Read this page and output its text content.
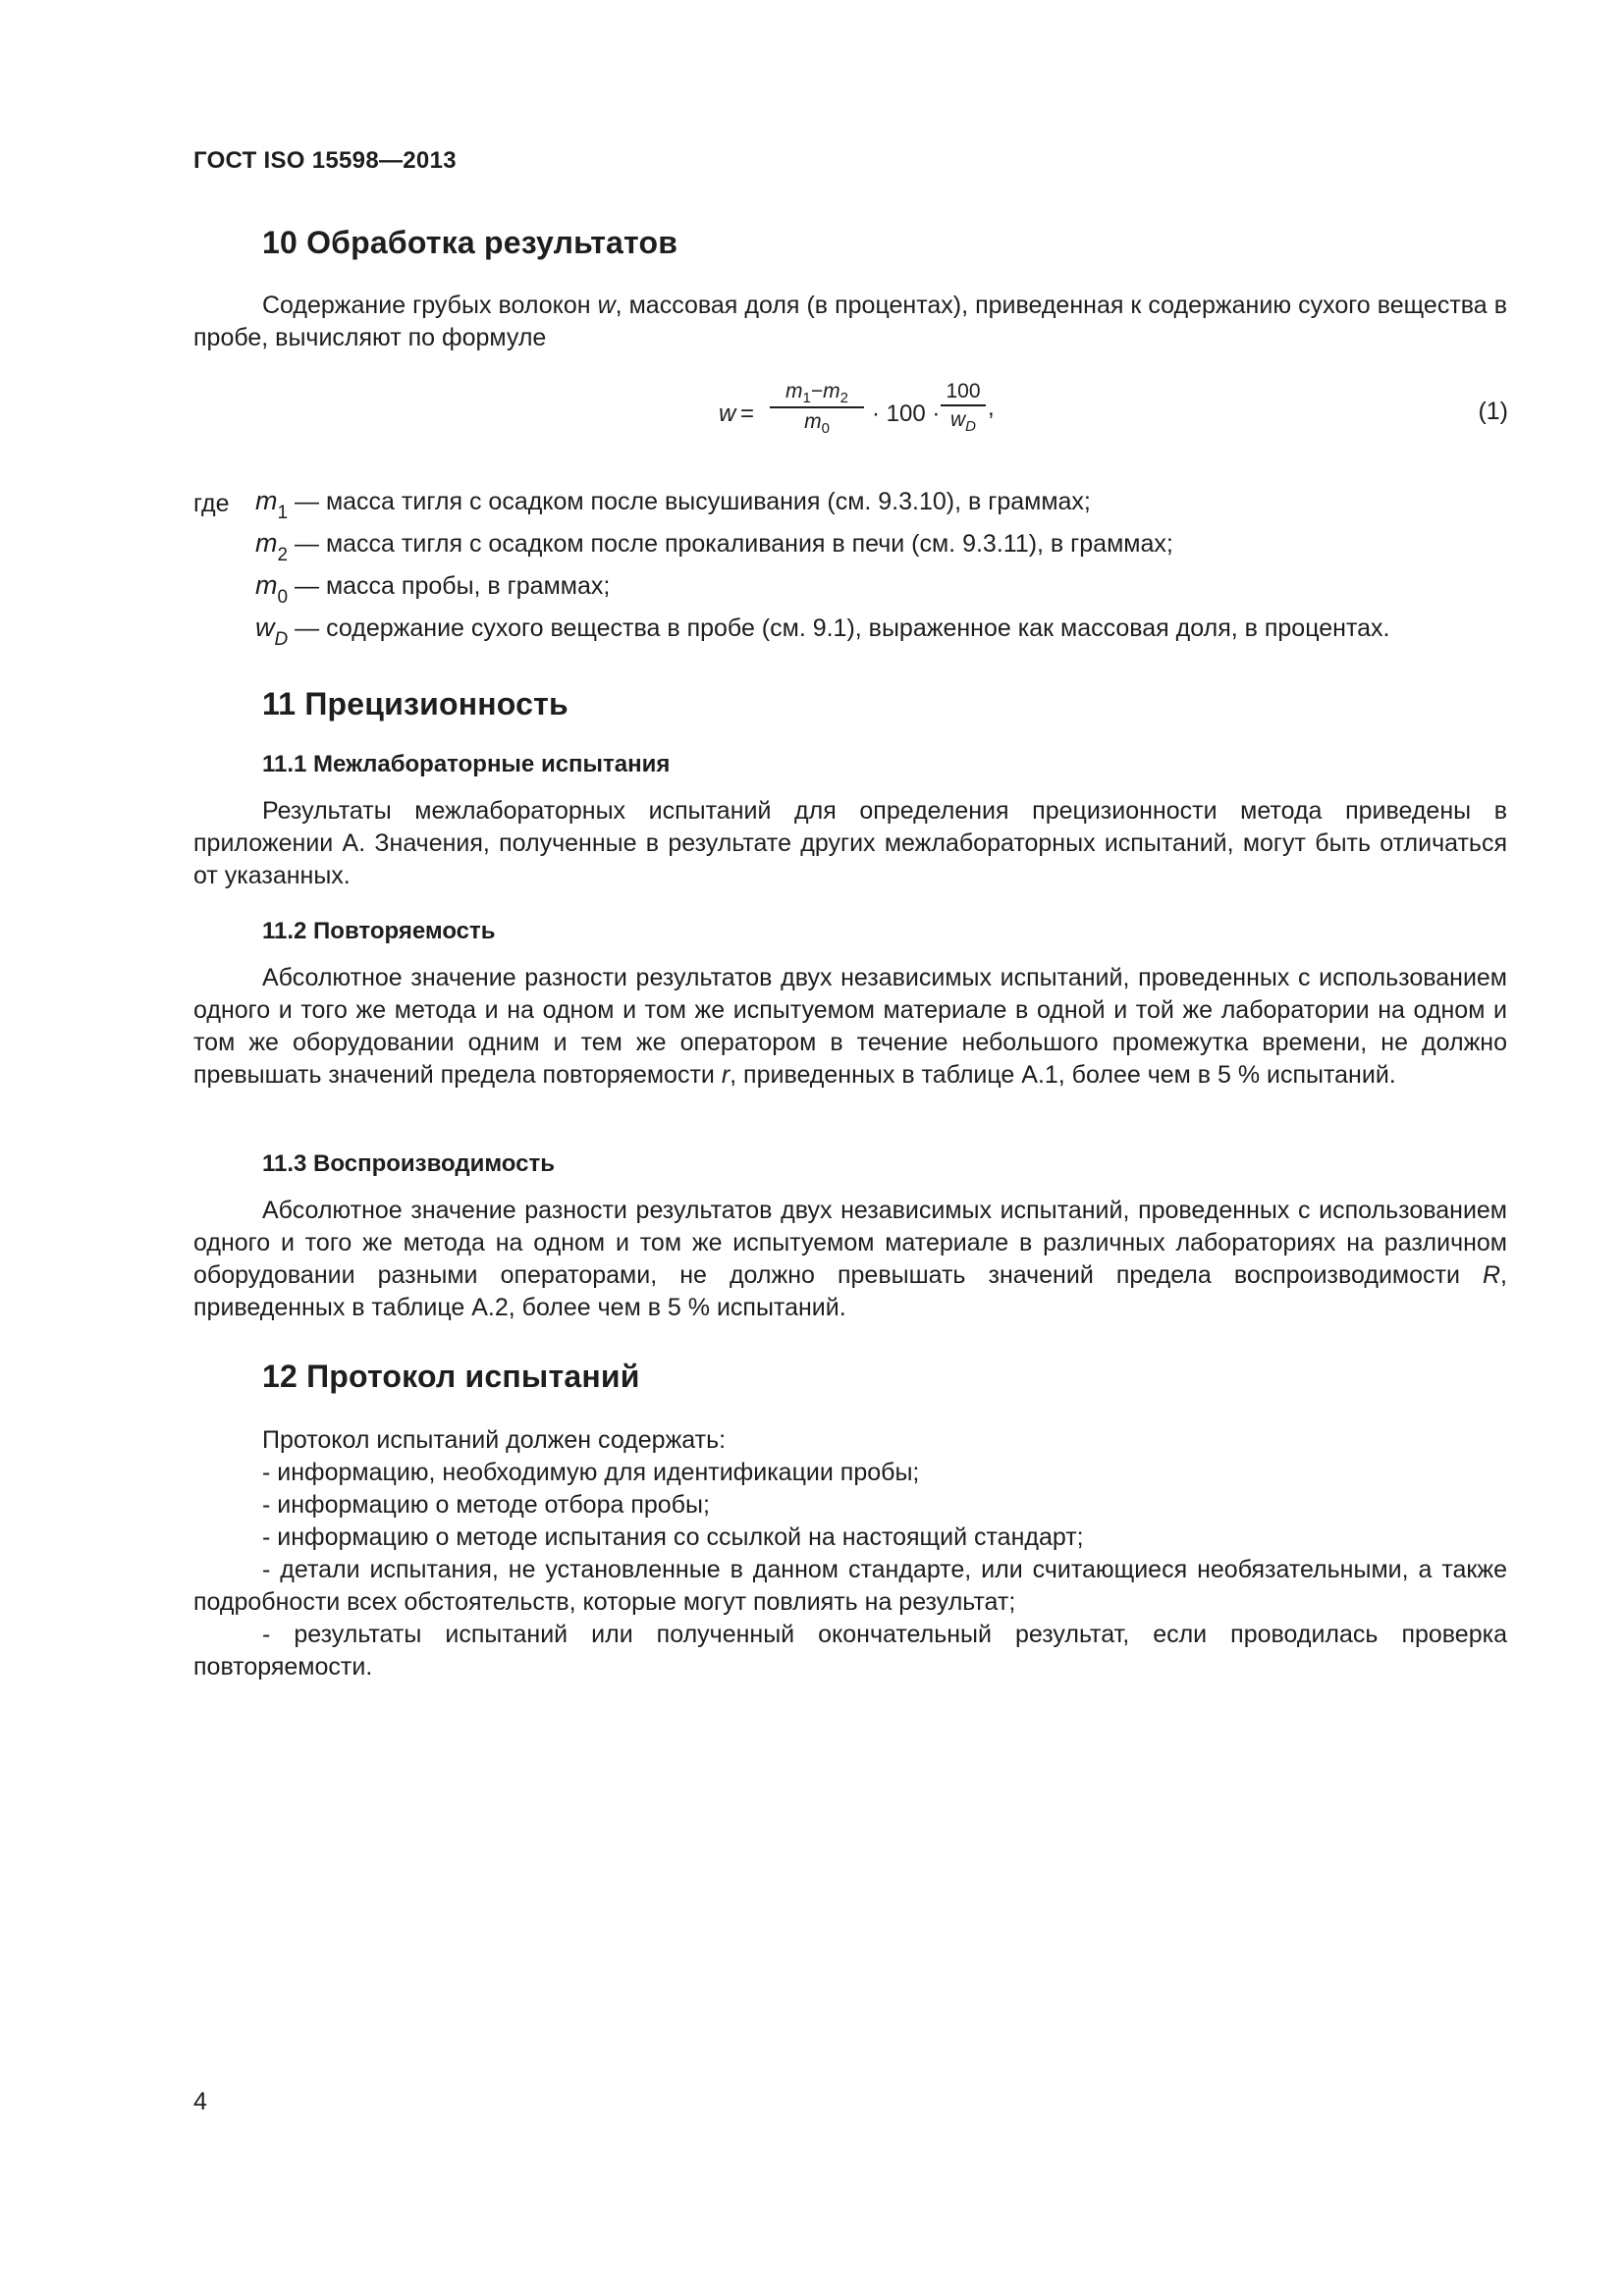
ГОСТ ISO 15598—2013
10 Обработка результатов

Содержание грубых волокон w, массовая доля (в процентах), приведенная к содержанию сухого вещества в пробе, вычисляют по формуле

w =
$m_1-m_2$
$m_0$
· 100 ·
100
$w_D$
,	(1)
где $m_1$ — масса тигля с осадком после высушивания (см. 9.3.10), в граммах;
$m_2$ — масса тигля с осадком после прокаливания в печи (см. 9.3.11), в граммах;
$m_0$ — масса пробы, в граммах;
$w_D$ — содержание сухого вещества в пробе (см. 9.1), выраженное как массовая доля, в процентах.
11 Прецизионность
11.1 Межлабораторные испытания

Результаты межлабораторных испытаний для определения прецизионности метода приведены в приложении А. Значения, полученные в результате других межлабораторных испытаний, могут быть отличаться от указанных.

11.2 Повторяемость

Абсолютное значение разности результатов двух независимых испытаний, проведенных с использованием одного и того же метода и на одном и том же испытуемом материале в одной и той же лаборатории на одном и том же оборудовании одним и тем же оператором в течение небольшого промежутка времени, не должно превышать значений предела повторяемости r, приведенных в таблице А.1, более чем в 5 % испытаний.

11.3 Воспроизводимость

Абсолютное значение разности результатов двух независимых испытаний, проведенных с использованием одного и того же метода на одном и том же испытуемом материале в различных лабораториях на различном оборудовании разными операторами, не должно превышать значений предела воспроизводимости R, приведенных в таблице А.2, более чем в 5 % испытаний.

12 Протокол испытаний
Протокол испытаний должен содержать:
- информацию, необходимую для идентификации пробы;
- информацию о методе отбора пробы;
- информацию о методе испытания со ссылкой на настоящий стандарт;
- детали испытания, не установленные в данном стандарте, или считающиеся необязательными, а также подробности всех обстоятельств, которые могут повлиять на результат;
- результаты испытаний или полученный окончательный результат, если проводилась проверка повторяемости.
4
